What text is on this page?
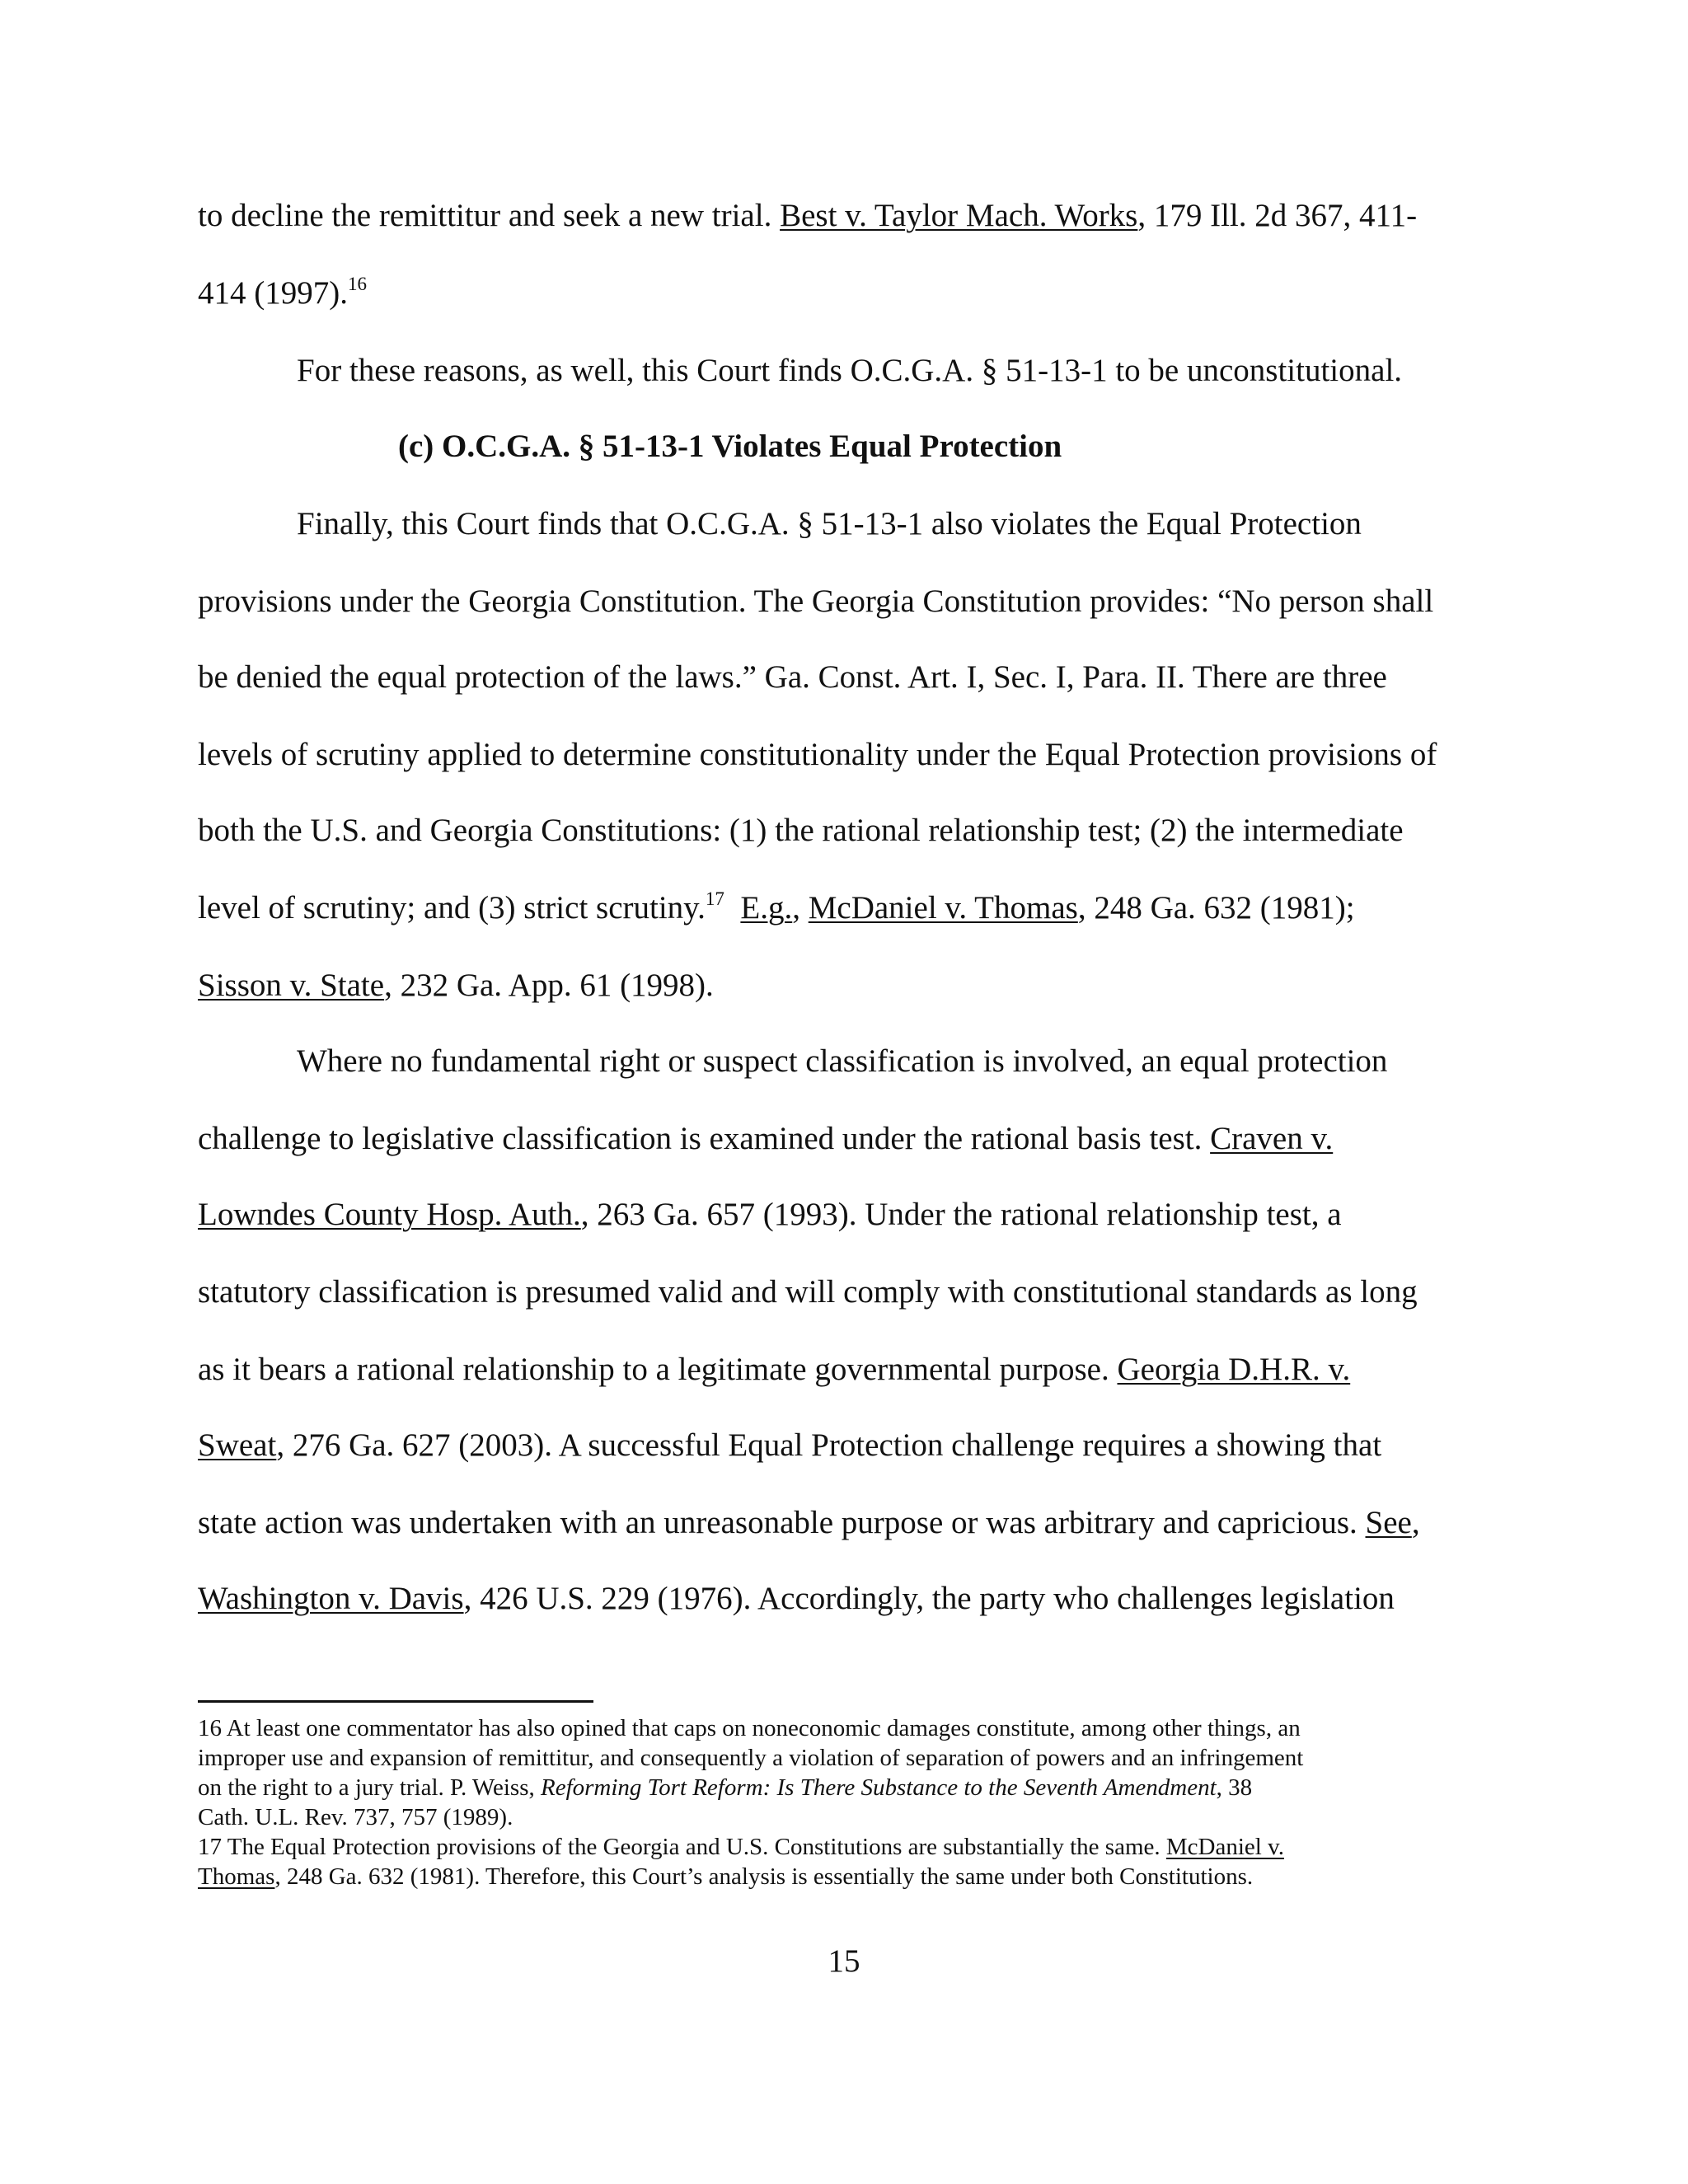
to decline the remittitur and seek a new trial. Best v. Taylor Mach. Works, 179 Ill. 2d 367, 411-
414 (1997).$^{16}$
For these reasons, as well, this Court finds O.C.G.A. § 51-13-1 to be unconstitutional.
(c) O.C.G.A. § 51-13-1 Violates Equal Protection
Finally, this Court finds that O.C.G.A. § 51-13-1 also violates the Equal Protection
provisions under the Georgia Constitution. The Georgia Constitution provides: “No person shall
be denied the equal protection of the laws.” Ga. Const. Art. I, Sec. I, Para. II. There are three
levels of scrutiny applied to determine constitutionality under the Equal Protection provisions of
both the U.S. and Georgia Constitutions: (1) the rational relationship test; (2) the intermediate
level of scrutiny; and (3) strict scrutiny.$^{17}$ E.g., McDaniel v. Thomas, 248 Ga. 632 (1981);
Sisson v. State, 232 Ga. App. 61 (1998).
Where no fundamental right or suspect classification is involved, an equal protection
challenge to legislative classification is examined under the rational basis test. Craven v.
Lowndes County Hosp. Auth., 263 Ga. 657 (1993). Under the rational relationship test, a
statutory classification is presumed valid and will comply with constitutional standards as long
as it bears a rational relationship to a legitimate governmental purpose. Georgia D.H.R. v.
Sweat, 276 Ga. 627 (2003). A successful Equal Protection challenge requires a showing that
state action was undertaken with an unreasonable purpose or was arbitrary and capricious. See,
Washington v. Davis, 426 U.S. 229 (1976). Accordingly, the party who challenges legislation
16 At least one commentator has also opined that caps on noneconomic damages constitute, among other things, an
improper use and expansion of remittitur, and consequently a violation of separation of powers and an infringement
on the right to a jury trial. P. Weiss, Reforming Tort Reform: Is There Substance to the Seventh Amendment, 38
Cath. U.L. Rev. 737, 757 (1989).
17 The Equal Protection provisions of the Georgia and U.S. Constitutions are substantially the same. McDaniel v.
Thomas, 248 Ga. 632 (1981). Therefore, this Court’s analysis is essentially the same under both Constitutions.
15
